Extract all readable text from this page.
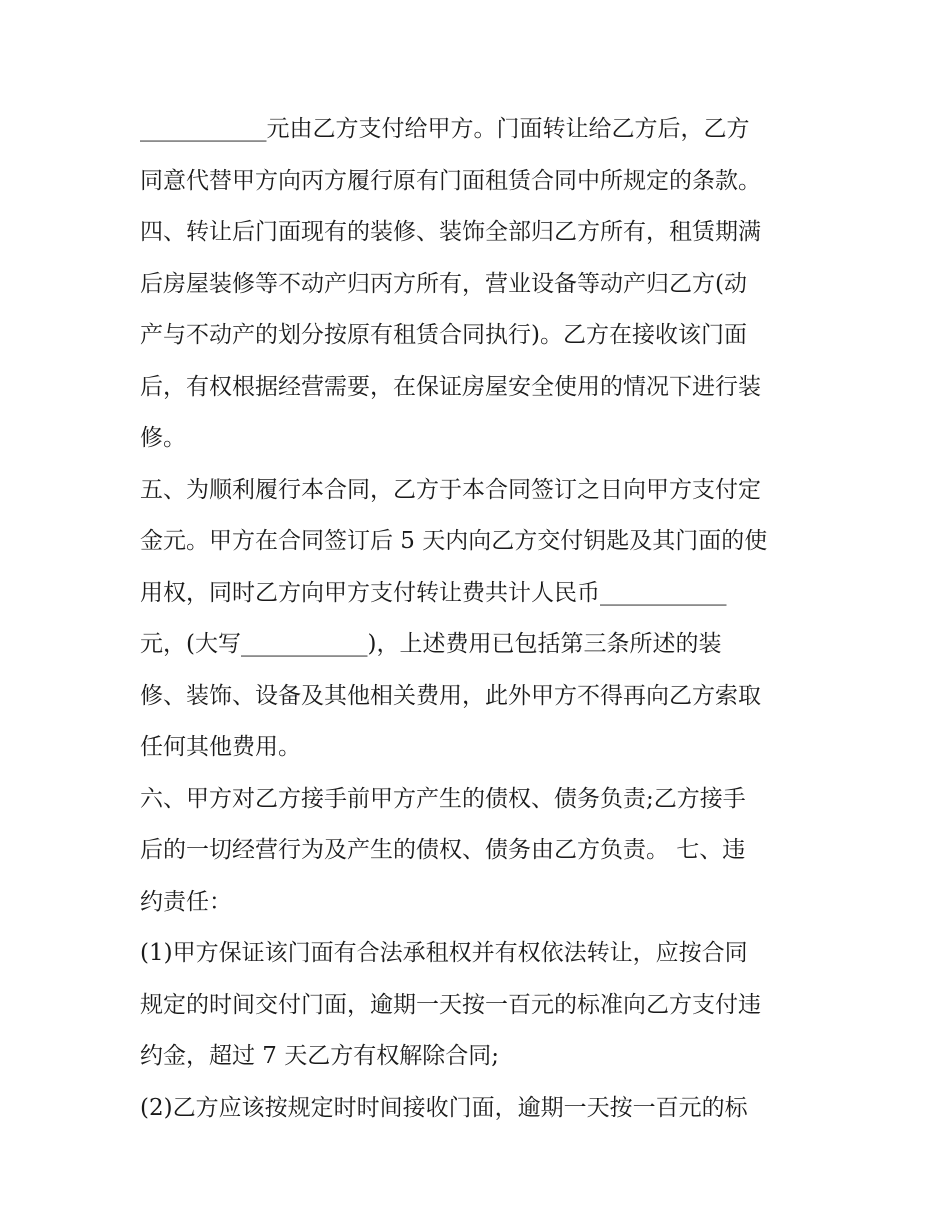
___________元由乙方支付给甲方。门面转让给乙方后，乙方
同意代替甲方向丙方履行原有门面租赁合同中所规定的条款。
四、转让后门面现有的装修、装饰全部归乙方所有，租赁期满
后房屋装修等不动产归丙方所有，营业设备等动产归乙方(动
产与不动产的划分按原有租赁合同执行)。乙方在接收该门面
后，有权根据经营需要，在保证房屋安全使用的情况下进行装
修。
五、为顺利履行本合同，乙方于本合同签订之日向甲方支付定
金元。甲方在合同签订后 5 天内向乙方交付钥匙及其门面的使
用权，同时乙方向甲方支付转让费共计人民币___________
元，(大写___________)，上述费用已包括第三条所述的装
修、装饰、设备及其他相关费用，此外甲方不得再向乙方索取
任何其他费用。
六、甲方对乙方接手前甲方产生的债权、债务负责;乙方接手
后的一切经营行为及产生的债权、债务由乙方负责。 七、违
约责任：
(1)甲方保证该门面有合法承租权并有权依法转让，应按合同
规定的时间交付门面，逾期一天按一百元的标准向乙方支付违
约金，超过 7 天乙方有权解除合同;
(2)乙方应该按规定时时间接收门面，逾期一天按一百元的标
